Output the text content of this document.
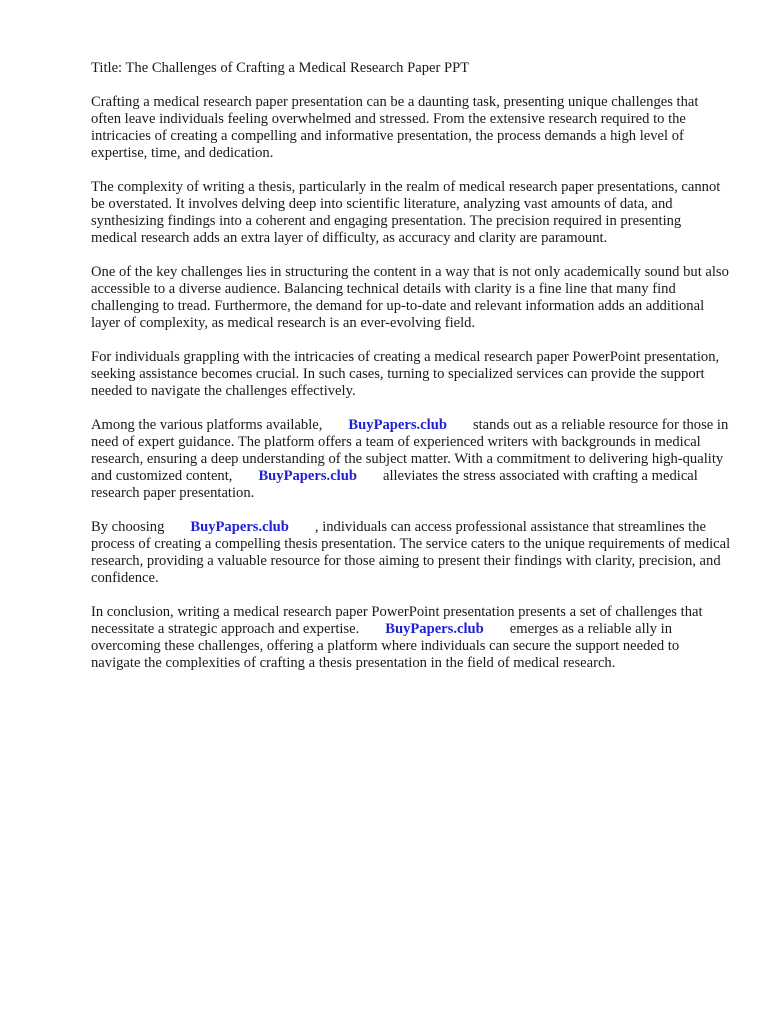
Title: The Challenges of Crafting a Medical Research Paper PPT

Crafting a medical research paper presentation can be a daunting task, presenting unique challenges that often leave individuals feeling overwhelmed and stressed. From the extensive research required to the intricacies of creating a compelling and informative presentation, the process demands a high level of expertise, time, and dedication.

The complexity of writing a thesis, particularly in the realm of medical research paper presentations, cannot be overstated. It involves delving deep into scientific literature, analyzing vast amounts of data, and synthesizing findings into a coherent and engaging presentation. The precision required in presenting medical research adds an extra layer of difficulty, as accuracy and clarity are paramount.

One of the key challenges lies in structuring the content in a way that is not only academically sound but also accessible to a diverse audience. Balancing technical details with clarity is a fine line that many find challenging to tread. Furthermore, the demand for up-to-date and relevant information adds an additional layer of complexity, as medical research is an ever-evolving field.

For individuals grappling with the intricacies of creating a medical research paper PowerPoint presentation, seeking assistance becomes crucial. In such cases, turning to specialized services can provide the support needed to navigate the challenges effectively.

Among the various platforms available, BuyPapers.club stands out as a reliable resource for those in need of expert guidance. The platform offers a team of experienced writers with backgrounds in medical research, ensuring a deep understanding of the subject matter. With a commitment to delivering high-quality and customized content, BuyPapers.club alleviates the stress associated with crafting a medical research paper presentation.

By choosing BuyPapers.club , individuals can access professional assistance that streamlines the process of creating a compelling thesis presentation. The service caters to the unique requirements of medical research, providing a valuable resource for those aiming to present their findings with clarity, precision, and confidence.

In conclusion, writing a medical research paper PowerPoint presentation presents a set of challenges that necessitate a strategic approach and expertise. BuyPapers.club emerges as a reliable ally in overcoming these challenges, offering a platform where individuals can secure the support needed to navigate the complexities of crafting a thesis presentation in the field of medical research.
